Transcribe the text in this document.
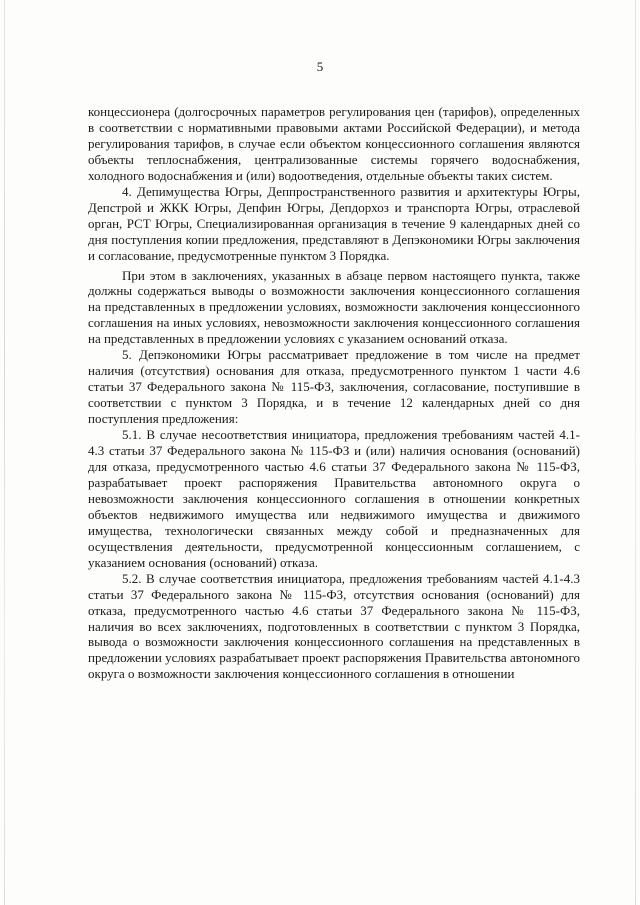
5

концессионера (долгосрочных параметров регулирования цен (тарифов), определенных в соответствии с нормативными правовыми актами Российской Федерации), и метода регулирования тарифов, в случае если объектом концессионного соглашения являются объекты теплоснабжения, централизованные системы горячего водоснабжения, холодного водоснабжения и (или) водоотведения, отдельные объекты таких систем.

4. Депимущества Югры, Деппространственного развития и архитектуры Югры, Депстрой и ЖКК Югры, Депфин Югры, Депдорхоз и транспорта Югры, отраслевой орган, РСТ Югры, Специализированная организация в течение 9 календарных дней со дня поступления копии предложения, представляют в Депэкономики Югры заключения и согласование, предусмотренные пунктом 3 Порядка.

При этом в заключениях, указанных в абзаце первом настоящего пункта, также должны содержаться выводы о возможности заключения концессионного соглашения на представленных в предложении условиях, возможности заключения концессионного соглашения на иных условиях, невозможности заключения концессионного соглашения на представленных в предложении условиях с указанием оснований отказа.

5. Депэкономики Югры рассматривает предложение в том числе на предмет наличия (отсутствия) основания для отказа, предусмотренного пунктом 1 части 4.6 статьи 37 Федерального закона № 115-ФЗ, заключения, согласование, поступившие в соответствии с пунктом 3 Порядка, и в течение 12 календарных дней со дня поступления предложения:

5.1. В случае несоответствия инициатора, предложения требованиям частей 4.1-4.3 статьи 37 Федерального закона № 115-ФЗ и (или) наличия основания (оснований) для отказа, предусмотренного частью 4.6 статьи 37 Федерального закона № 115-ФЗ, разрабатывает проект распоряжения Правительства автономного округа о невозможности заключения концессионного соглашения в отношении конкретных объектов недвижимого имущества или недвижимого имущества и движимого имущества, технологически связанных между собой и предназначенных для осуществления деятельности, предусмотренной концессионным соглашением, с указанием основания (оснований) отказа.

5.2. В случае соответствия инициатора, предложения требованиям частей 4.1-4.3 статьи 37 Федерального закона № 115-ФЗ, отсутствия основания (оснований) для отказа, предусмотренного частью 4.6 статьи 37 Федерального закона № 115-ФЗ, наличия во всех заключениях, подготовленных в соответствии с пунктом 3 Порядка, вывода о возможности заключения концессионного соглашения на представленных в предложении условиях разрабатывает проект распоряжения Правительства автономного округа о возможности заключения концессионного соглашения в отношении
